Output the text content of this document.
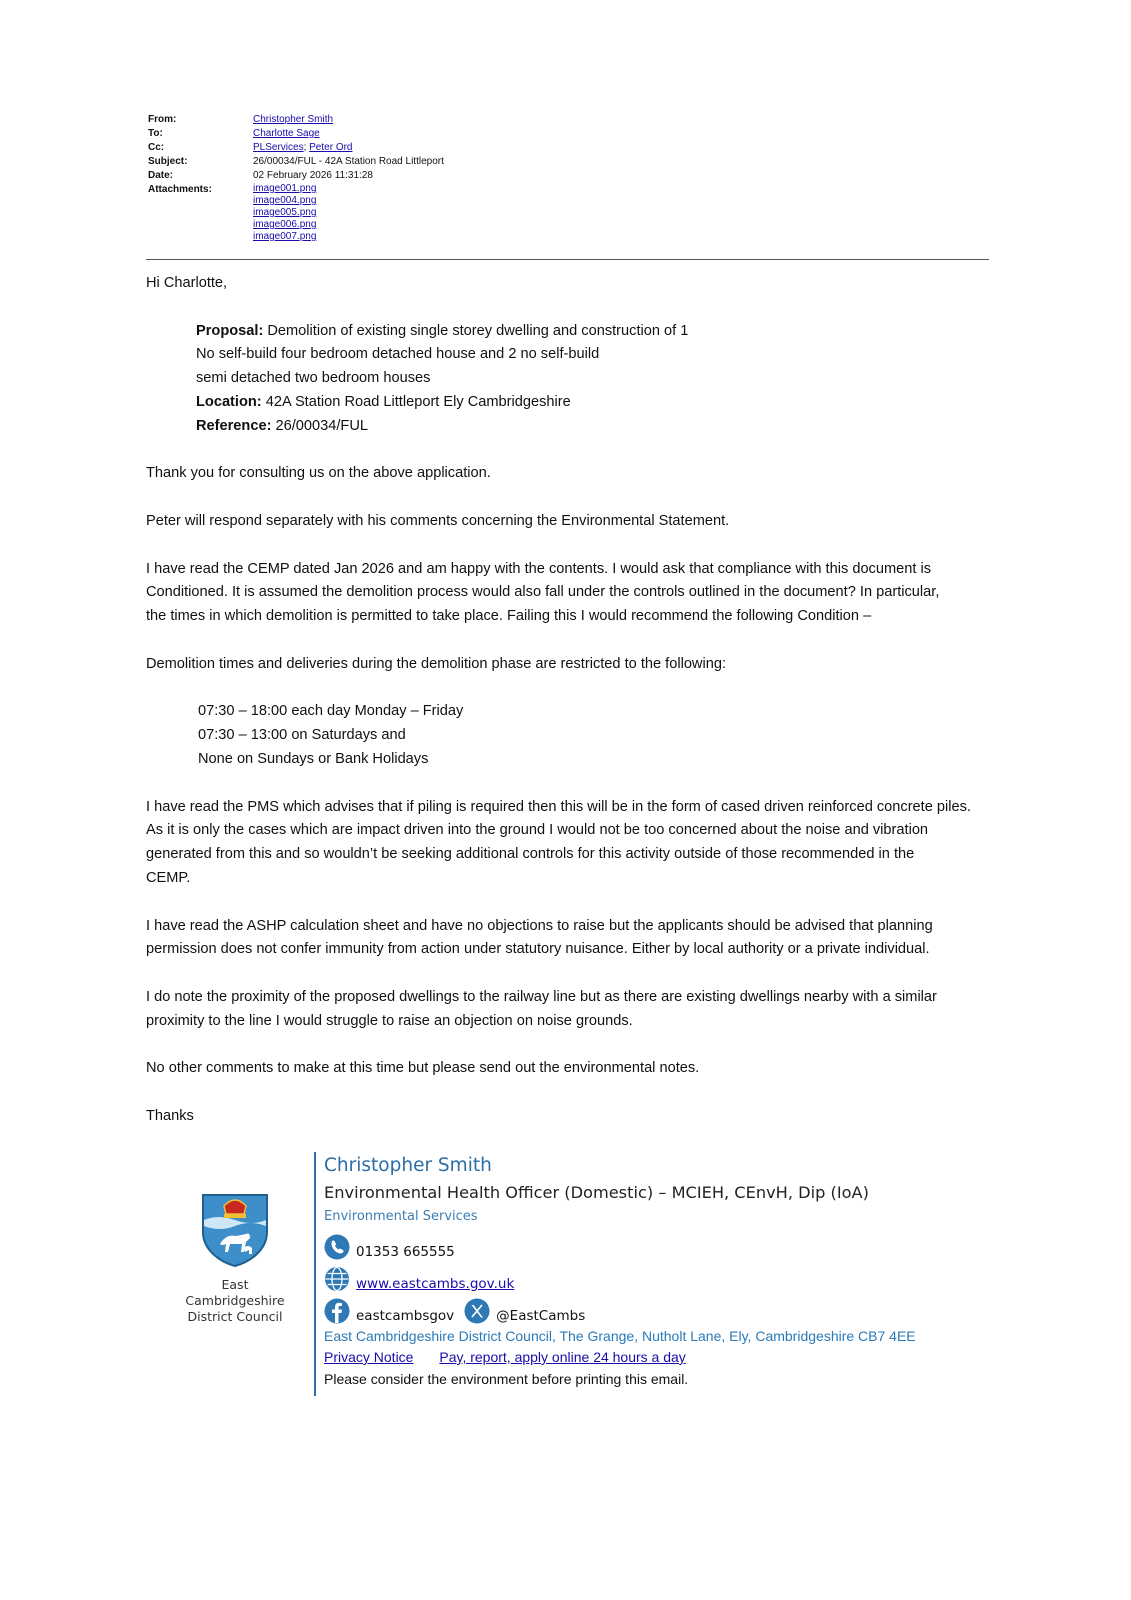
From:	Christopher Smith
To:	Charlotte Sage
Cc:	PLServices; Peter Ord
Subject:	26/00034/FUL - 42A Station Road Littleport
Date:	02 February 2026 11:31:28
Attachments:	image001.png
image004.png
image005.png
image006.png
image007.png

Hi Charlotte,

Proposal: Demolition of existing single storey dwelling and construction of 1
No self-build four bedroom detached house and 2 no self-build
semi detached two bedroom houses
Location: 42A Station Road Littleport Ely Cambridgeshire
Reference: 26/00034/FUL

Thank you for consulting us on the above application.

Peter will respond separately with his comments concerning the Environmental Statement.

I have read the CEMP dated Jan 2026 and am happy with the contents. I would ask that compliance with this document is
Conditioned. It is assumed the demolition process would also fall under the controls outlined in the document? In particular,
the times in which demolition is permitted to take place. Failing this I would recommend the following Condition –

Demolition times and deliveries during the demolition phase are restricted to the following:

07:30 – 18:00 each day Monday – Friday
07:30 – 13:00 on Saturdays and
None on Sundays or Bank Holidays

I have read the PMS which advises that if piling is required then this will be in the form of cased driven reinforced concrete piles.
As it is only the cases which are impact driven into the ground I would not be too concerned about the noise and vibration
generated from this and so wouldn’t be seeking additional controls for this activity outside of those recommended in the
CEMP.

I have read the ASHP calculation sheet and have no objections to raise but the applicants should be advised that planning
permission does not confer immunity from action under statutory nuisance. Either by local authority or a private individual.

I do note the proximity of the proposed dwellings to the railway line but as there are existing dwellings nearby with a similar
proximity to the line I would struggle to raise an objection on noise grounds.

No other comments to make at this time but please send out the environmental notes.

Thanks

East Cambridgeshire
District Council
Christopher Smith
Environmental Health Officer (Domestic) – MCIEH, CEnvH, Dip (IoA)
Environmental Services
01353 665555
www.eastcambs.gov.uk
eastcambsgov	@EastCambs
East Cambridgeshire District Council, The Grange, Nutholt Lane, Ely, Cambridgeshire CB7 4EE
Privacy Notice Pay, report, apply online 24 hours a day
Please consider the environment before printing this email.
